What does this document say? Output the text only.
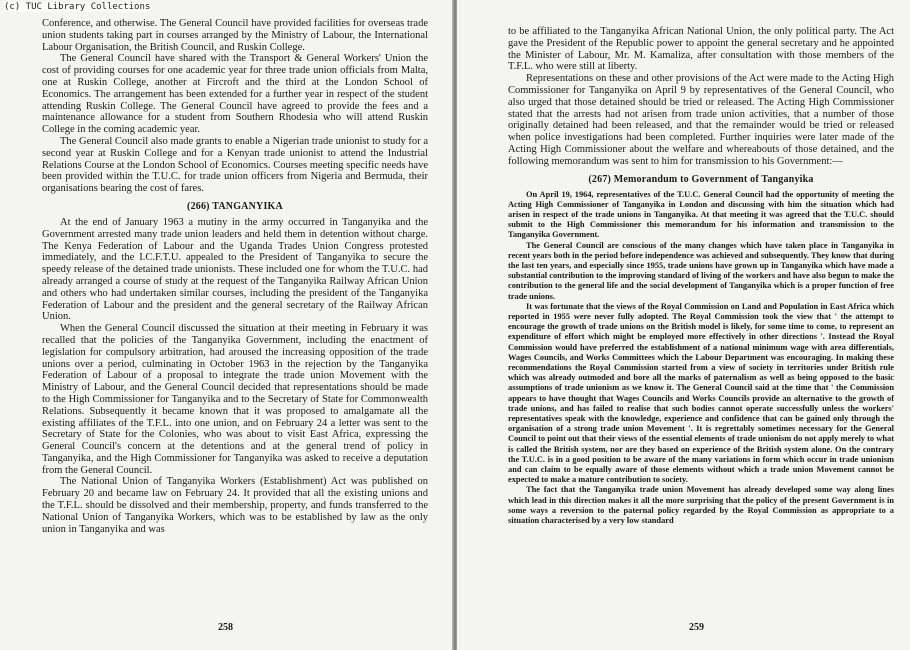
(c) TUC Library Collections

Conference, and otherwise. The General Council have provided facilities for overseas trade union students taking part in courses arranged by the Ministry of Labour, the International Labour Organisation, the British Council, and Ruskin College.

The General Council have shared with the Transport & General Workers' Union the cost of providing courses for one academic year for three trade union officials from Malta, one at Ruskin College, another at Fircroft and the third at the London School of Economics. The arrangement has been extended for a further year in respect of the student attending Ruskin College. The General Council have agreed to provide the fees and a maintenance allowance for a student from Southern Rhodesia who will attend Ruskin College in the coming academic year.

The General Council also made grants to enable a Nigerian trade unionist to study for a second year at Ruskin College and for a Kenyan trade unionist to attend the Industrial Relations Course at the London School of Economics. Courses meeting specific needs have been provided within the T.U.C. for trade union officers from Nigeria and Bermuda, their organisations bearing the cost of fares.

(266) TANGANYIKA

At the end of January 1963 a mutiny in the army occurred in Tanganyika and the Government arrested many trade union leaders and held them in detention without charge. The Kenya Federation of Labour and the Uganda Trades Union Congress protested immediately, and the I.C.F.T.U. appealed to the President of Tanganyika to secure the speedy release of the detained trade unionists. These included one for whom the T.U.C. had already arranged a course of study at the request of the Tanganyika Railway African Union and others who had undertaken similar courses, including the president of the Tanganyika Federation of Labour and the president and the general secretary of the Railway African Union.

When the General Council discussed the situation at their meeting in February it was recalled that the policies of the Tanganyika Government, including the enactment of legislation for compulsory arbitration, had aroused the increasing opposition of the trade unions over a period, culminating in October 1963 in the rejection by the Tanganyika Federation of Labour of a proposal to integrate the trade union Movement with the Ministry of Labour, and the General Council decided that representations should be made to the High Commissioner for Tanganyika and to the Secretary of State for Commonwealth Relations. Subsequently it became known that it was proposed to amalgamate all the existing affiliates of the T.F.L. into one union, and on February 24 a letter was sent to the Secretary of State for the Colonies, who was about to visit East Africa, expressing the General Council's concern at the detentions and at the general trend of policy in Tanganyika, and the High Commissioner for Tanganyika was asked to receive a deputation from the General Council.

The National Union of Tanganyika Workers (Establishment) Act was published on February 20 and became law on February 24. It provided that all the existing unions and the T.F.L. should be dissolved and their membership, property, and funds transferred to the National Union of Tanganyika Workers, which was to be established by law as the only union in Tanganyika and was

258

to be affiliated to the Tanganyika African National Union, the only political party. The Act gave the President of the Republic power to appoint the general secretary and he appointed the Minister of Labour, Mr. M. Kamaliza, after consultation with those members of the T.F.L. who were still at liberty.

Representations on these and other provisions of the Act were made to the Acting High Commissioner for Tanganyika on April 9 by representatives of the General Council, who also urged that those detained should be tried or released. The Acting High Commissioner stated that the arrests had not arisen from trade union activities, that a number of those originally detained had been released, and that the remainder would be tried or released when police investigations had been completed. Further inquiries were later made of the Acting High Commissioner about the welfare and whereabouts of those detained, and the following memorandum was sent to him for transmission to his Government:—

(267) Memorandum to Government of Tanganyika

On April 19, 1964, representatives of the T.U.C. General Council had the opportunity of meeting the Acting High Commissioner of Tanganyika in London and discussing with him the situation which had arisen in respect of the trade unions in Tanganyika. At that meeting it was agreed that the T.U.C. should submit to the High Commissioner this memorandum for his information and transmission to the Tanganyika Government.

The General Council are conscious of the many changes which have taken place in Tanganyika in recent years both in the period before independence was achieved and subsequently. They know that during the last ten years, and especially since 1955, trade unions have grown up in Tanganyika which have made a substantial contribution to the improving standard of living of the workers and have also begun to make the contribution to the general life and the social development of Tanganyika which is a proper function of free trade unions.

It was fortunate that the views of the Royal Commission on Land and Population in East Africa which reported in 1955 were never fully adopted. The Royal Commission took the view that ' the attempt to encourage the growth of trade unions on the British model is likely, for some time to come, to represent an expenditure of effort which might be employed more effectively in other directions '. Instead the Royal Commission would have preferred the establishment of a national minimum wage with area differentials, Wages Councils, and Works Committees which the Labour Department was encouraging. In making these recommendations the Royal Commission started from a view of society in territories under British rule which was already outmoded and bore all the marks of paternalism as well as being opposed to the basic assumptions of trade unionism as we know it. The General Council said at the time that ' the Commission appears to have thought that Wages Councils and Works Councils provide an alternative to the growth of trade unions, and has failed to realise that such bodies cannot operate successfully unless the workers' representatives speak with the knowledge, experience and confidence that can be gained only through the organisation of a strong trade union Movement '. It is regrettably sometimes necessary for the General Council to point out that their views of the essential elements of trade unionism do not apply merely to what is called the British system, nor are they based on experience of the British system alone. On the contrary the T.U.C. is in a good position to be aware of the many variations in form which occur in trade unionism and can claim to be equally aware of those elements without which a trade union Movement cannot be expected to make a mature contribution to society.

The fact that the Tanganyika trade union Movement has already developed some way along lines which lead in this direction makes it all the more surprising that the policy of the present Government is in some ways a reversion to the paternal policy regarded by the Royal Commission as appropriate to a situation characterised by a very low standard

259
